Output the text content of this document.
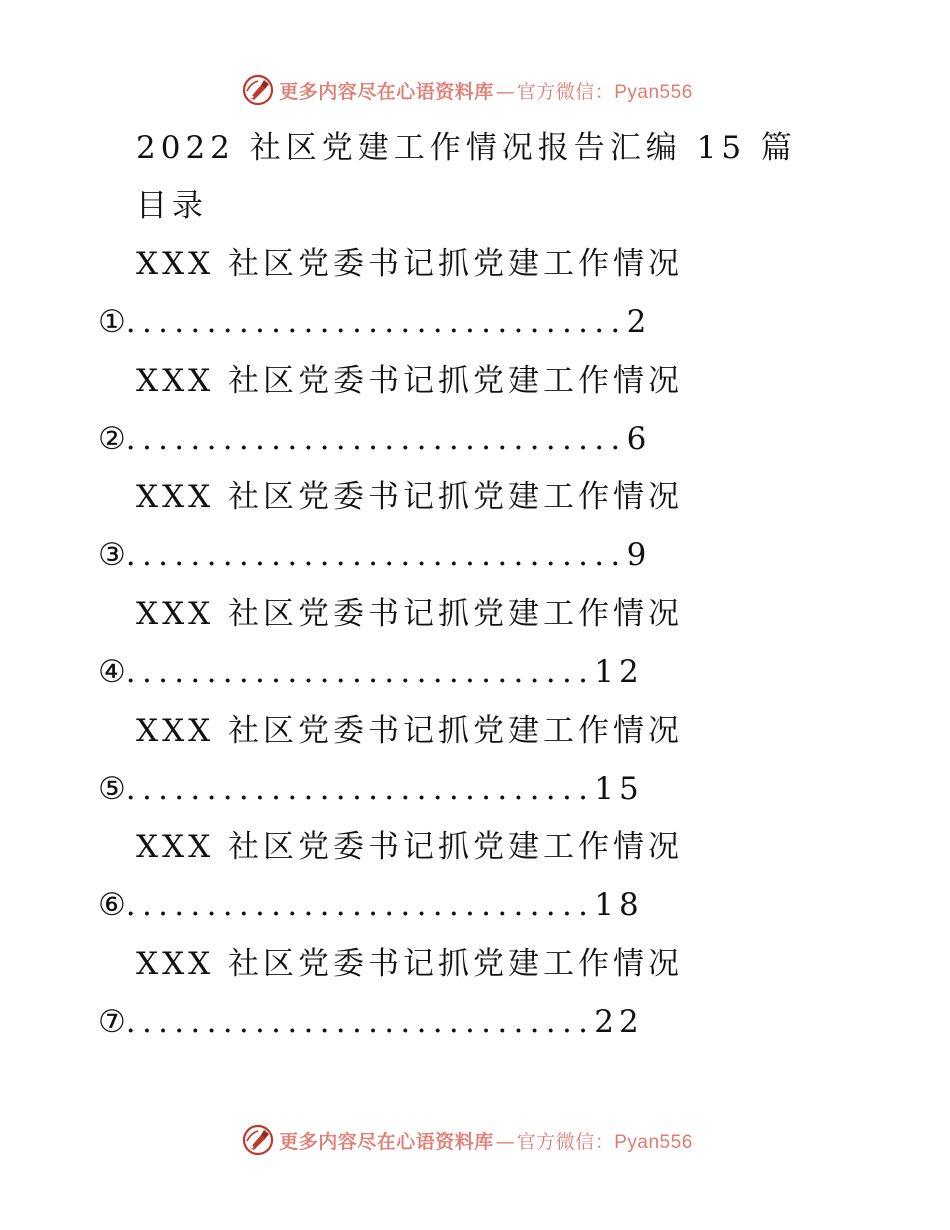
更多内容尽在心语资料库 — 官方微信：Pyan556
2022 社区党建工作情况报告汇编 15 篇
目录
XXX 社区党委书记抓党建工作情况
① ............................... 2
XXX 社区党委书记抓党建工作情况
② ............................... 6
XXX 社区党委书记抓党建工作情况
③ ............................... 9
XXX 社区党委书记抓党建工作情况
④ ............................. 12
XXX 社区党委书记抓党建工作情况
⑤ ............................. 15
XXX 社区党委书记抓党建工作情况
⑥ ............................. 18
XXX 社区党委书记抓党建工作情况
⑦ ............................. 22
更多内容尽在心语资料库 — 官方微信：Pyan556
